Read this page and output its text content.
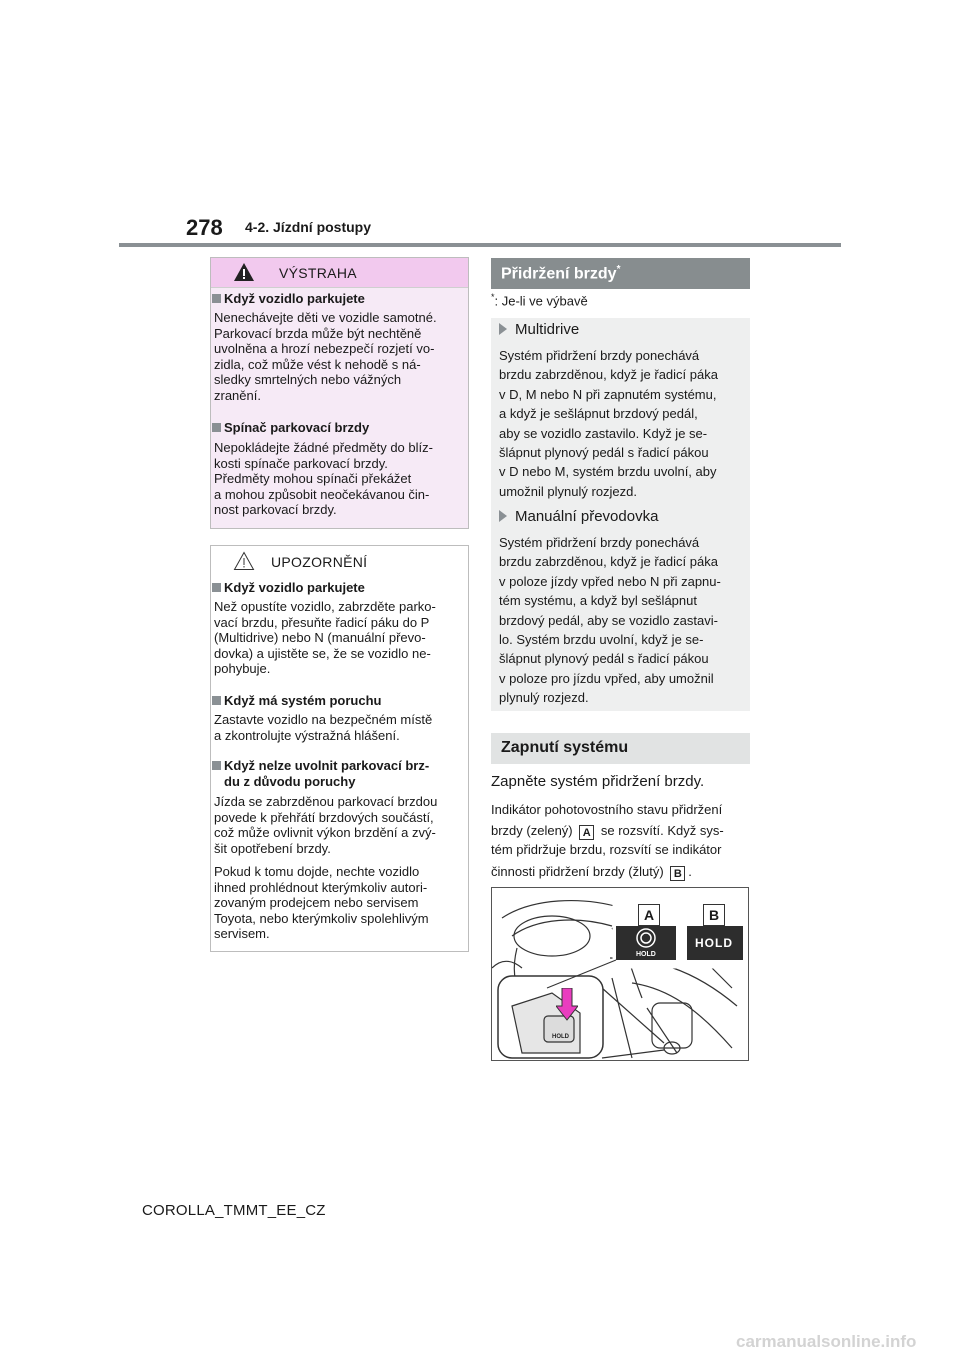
278 4-2. Jízdní postupy
VÝSTRAHA
Když vozidlo parkujete
Nenechávejte děti ve vozidle samotné.
Parkovací brzda může být nechtěně
uvolněna a hrozí nebezpečí rozjetí vo-
zidla, což může vést k nehodě s ná-
sledky smrtelných nebo vážných
zranění.
Spínač parkovací brzdy
Nepokládejte žádné předměty do blíz-
kosti spínače parkovací brzdy.
Předměty mohou spínači překážet
a mohou způsobit neočekávanou čin-
nost parkovací brzdy.
UPOZORNĚNÍ
Když vozidlo parkujete
Než opustíte vozidlo, zabrzděte parko-
vací brzdu, přesuňte řadicí páku do P
(Multidrive) nebo N (manuální převo-
dovka) a ujistěte se, že se vozidlo ne-
pohybuje.
Když má systém poruchu
Zastavte vozidlo na bezpečném místě
a zkontrolujte výstražná hlášení.
Když nelze uvolnit parkovací brz-
du z důvodu poruchy
Jízda se zabrzděnou parkovací brzdou
povede k přehřátí brzdových součástí,
což může ovlivnit výkon brzdění a zvý-
šit opotřebení brzdy.
Pokud k tomu dojde, nechte vozidlo
ihned prohlédnout kterýmkoliv autori-
zovaným prodejcem nebo servisem
Toyota, nebo kterýmkoliv spolehlivým
servisem.
Přidržení brzdy*
*: Je-li ve výbavě
Multidrive
Systém přidržení brzdy ponechává
brzdu zabrzděnou, když je řadicí páka
v D, M nebo N při zapnutém systému,
a když je sešlápnut brzdový pedál,
aby se vozidlo zastavilo. Když je se-
šlápnut plynový pedál s řadicí pákou
v D nebo M, systém brzdu uvolní, aby
umožnil plynulý rozjezd.
Manuální převodovka
Systém přidržení brzdy ponechává
brzdu zabrzděnou, když je řadicí páka
v poloze jízdy vpřed nebo N při zapnu-
tém systému, a když byl sešlápnut
brzdový pedál, aby se vozidlo zastavi-
lo. Systém brzdu uvolní, když je se-
šlápnut plynový pedál s řadicí pákou
v poloze pro jízdu vpřed, aby umožnil
plynulý rozjezd.
Zapnutí systému
Zapněte systém přidržení brzdy.
Indikátor pohotovostního stavu přidržení
brzdy (zelený) A se rozsvítí. Když sys-
tém přidržuje brzdu, rozsvítí se indikátor
činnosti přidržení brzdy (žlutý) B .
A	B
HOLD
HOLD
HOLD
COROLLA_TMMT_EE_CZ
carmanualsonline.info
